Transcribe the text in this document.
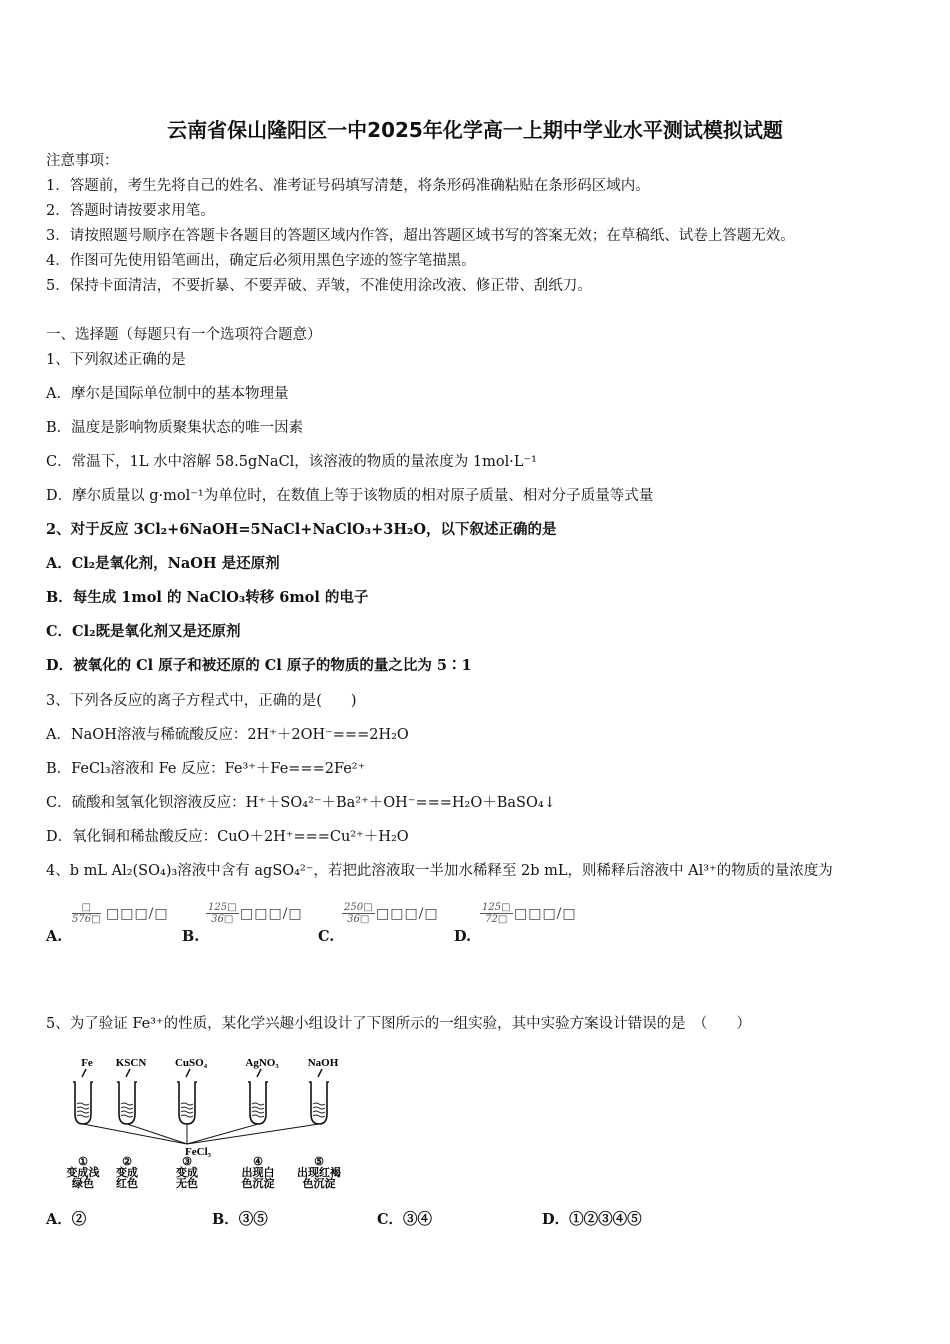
云南省保山隆阳区一中2025年化学高一上期中学业水平测试模拟试题
注意事项：
1．答题前，考生先将自己的姓名、准考证号码填写清楚，将条形码准确粘贴在条形码区域内。
2．答题时请按要求用笔。
3．请按照题号顺序在答题卡各题目的答题区域内作答，超出答题区域书写的答案无效；在草稿纸、试卷上答题无效。
4．作图可先使用铅笔画出，确定后必须用黑色字迹的签字笔描黑。
5．保持卡面清洁，不要折暴、不要弄破、弄皱，不准使用涂改液、修正带、刮纸刀。
一、选择题（每题只有一个选项符合题意）
1、下列叙述正确的是
A．摩尔是国际单位制中的基本物理量
B．温度是影响物质聚集状态的唯一因素
C．常温下，1L 水中溶解 58.5gNaCl，该溶液的物质的量浓度为 1mol·L⁻¹
D．摩尔质量以 g·mol⁻¹为单位时，在数值上等于该物质的相对原子质量、相对分子质量等式量
2、对于反应 3Cl₂+6NaOH=5NaCl+NaClO₃+3H₂O，以下叙述正确的是
A．Cl₂是氧化剂，NaOH 是还原剂
B．每生成 1mol 的 NaClO₃转移 6mol 的电子
C．Cl₂既是氧化剂又是还原剂
D．被氧化的 Cl 原子和被还原的 Cl 原子的物质的量之比为 5∶1
3、下列各反应的离子方程式中，正确的是(　　)
A．NaOH溶液与稀硫酸反应：2H⁺＋2OH⁻===2H₂O
B．FeCl₃溶液和 Fe 反应：Fe³⁺＋Fe===2Fe²⁺
C．硫酸和氢氧化钡溶液反应：H⁺＋SO₄²⁻＋Ba²⁺＋OH⁻===H₂O＋BaSO₄↓
D．氧化铜和稀盐酸反应：CuO＋2H⁺===Cu²⁺＋H₂O
4、b mL Al₂(SO₄)₃溶液中含有 agSO₄²⁻，若把此溶液取一半加水稀释至 2b mL，则稀释后溶液中 Al³⁺的物质的量浓度为
A.
□
576□ □□□/□
B.
$\frac{125□}{36□}$ □□□/□
C.
$\frac{250□}{36□}$ □□□/□
D.
$\frac{125□}{72□}$ □□□/□
5、为了验证 Fe³⁺的性质，某化学兴趣小组设计了下图所示的一组实验，其中实验方案设计错误的是　（　　）
Fe
①
变成浅
绿色
KSCN
②
变成
红色
CuSO₄
③
变成
无色
AgNO₃
④
出现白
色沉淀
NaOH
⑤
出现红褐
色沉淀
FeCl₃
A．②	B．③⑤	C．③④	D．①②③④⑤
